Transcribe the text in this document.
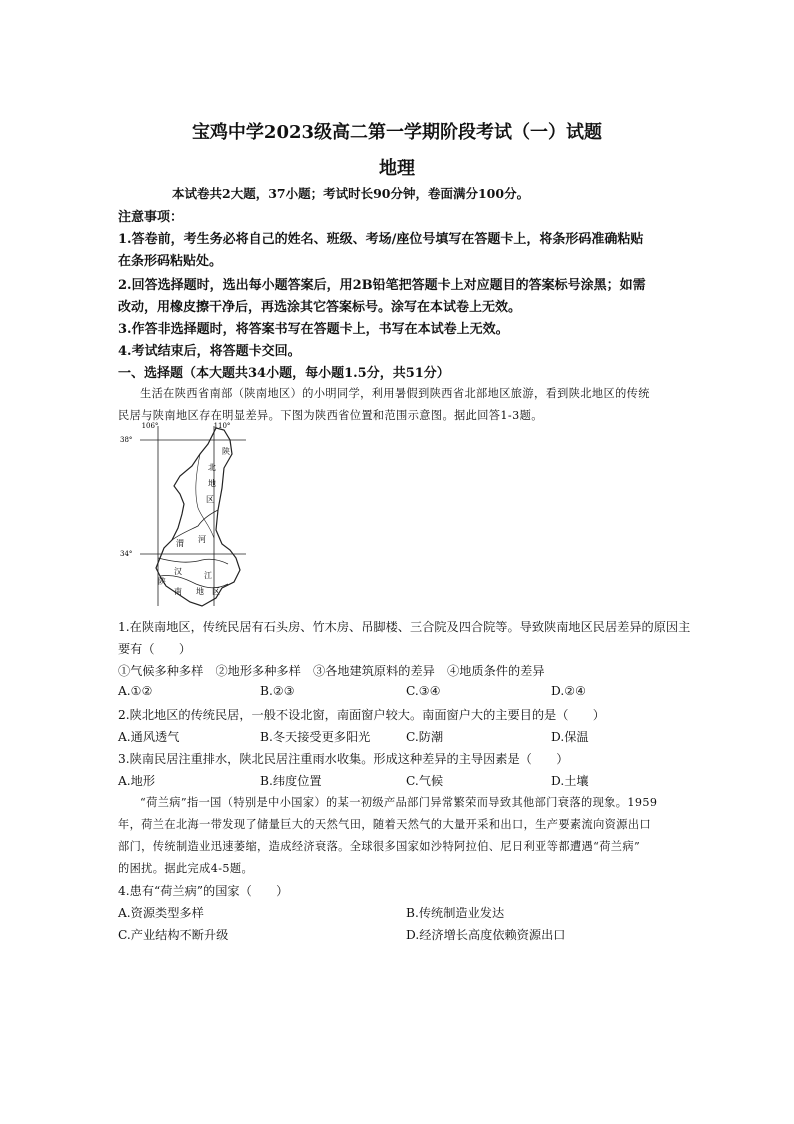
宝鸡中学2023级高二第一学期阶段考试（一）试题
地理
本试卷共2大题，37小题；考试时长90分钟，卷面满分100分。
注意事项：
1.答卷前，考生务必将自己的姓名、班级、考场/座位号填写在答题卡上，将条形码准确粘贴
在条形码粘贴处。
2.回答选择题时，选出每小题答案后，用2B铅笔把答题卡上对应题目的答案标号涂黑；如需
改动，用橡皮擦干净后，再选涂其它答案标号。涂写在本试卷上无效。
3.作答非选择题时，将答案书写在答题卡上，书写在本试卷上无效。
4.考试结束后，将答题卡交回。
一、选择题（本大题共34小题，每小题1.5分，共51分）
生活在陕西省南部（陕南地区）的小明同学，利用暑假到陕西省北部地区旅游，看到陕北地区的传统
民居与陕南地区存在明显差异。下图为陕西省位置和范围示意图。据此回答1-3题。
106°	110°
38°
34°
陕
北
地
区
渭 河
汉
陕
南
江
地 区
1.在陕南地区，传统民居有石头房、竹木房、吊脚楼、三合院及四合院等。导致陕南地区民居差异的原因主
要有（　　）
①气候多种多样　②地形多种多样　③各地建筑原料的差异　④地质条件的差异
A.①②	B.②③	C.③④	D.②④
2.陕北地区的传统民居，一般不设北窗，南面窗户较大。南面窗户大的主要目的是（　　）
A.通风透气	B.冬天接受更多阳光	C.防潮	D.保温
3.陕南民居注重排水，陕北民居注重雨水收集。形成这种差异的主导因素是（　　）
A.地形	B.纬度位置	C.气候	D.土壤
“荷兰病”指一国（特别是中小国家）的某一初级产品部门异常繁荣而导致其他部门衰落的现象。1959
年，荷兰在北海一带发现了储量巨大的天然气田，随着天然气的大量开采和出口，生产要素流向资源出口
部门，传统制造业迅速萎缩，造成经济衰落。全球很多国家如沙特阿拉伯、尼日利亚等都遭遇“荷兰病”
的困扰。据此完成4-5题。
4.患有“荷兰病”的国家（　　）
A.资源类型多样	B.传统制造业发达
C.产业结构不断升级	D.经济增长高度依赖资源出口
